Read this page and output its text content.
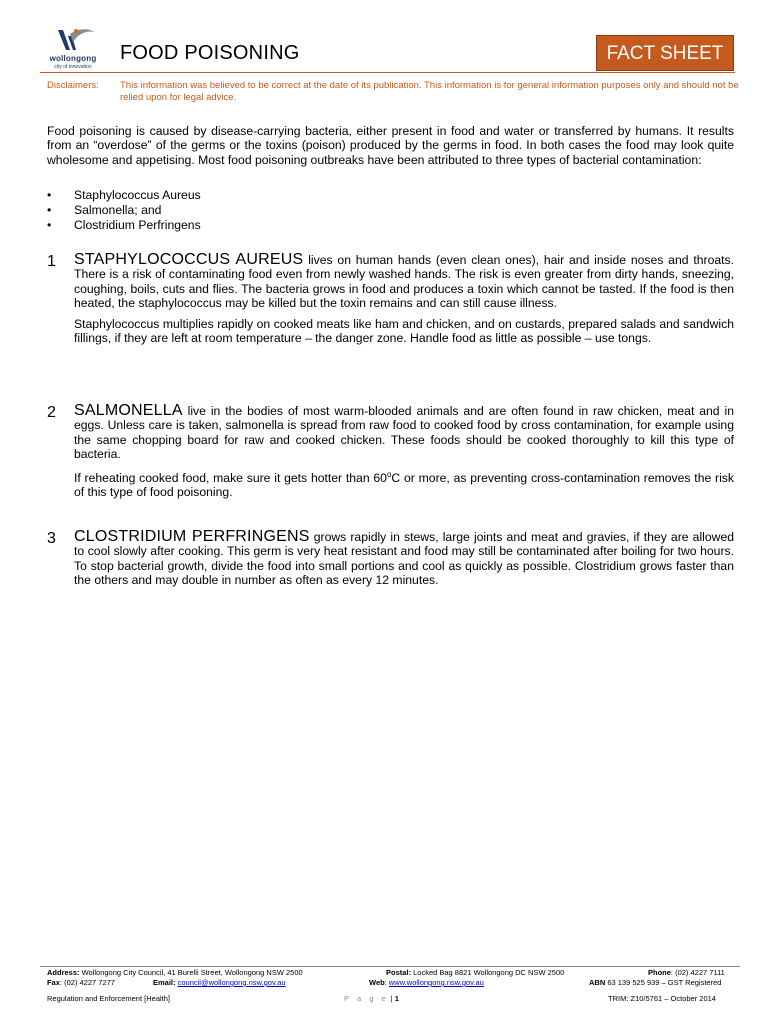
wollongong
city of innovation
FOOD POISONING	FACT SHEET
Disclaimers: This information was believed to be correct at the date of its publication. This information is for general information purposes only and should not be relied upon for legal advice.
Food poisoning is caused by disease-carrying bacteria, either present in food and water or transferred by humans. It results from an “overdose” of the germs or the toxins (poison) produced by the germs in food. In both cases the food may look quite wholesome and appetising. Most food poisoning outbreaks have been attributed to three types of bacterial contamination:
• Staphylococcus Aureus
• Salmonella; and
• Clostridium Perfringens
1 STAPHYLOCOCCUS AUREUS lives on human hands (even clean ones), hair and inside noses and throats. There is a risk of contaminating food even from newly washed hands. The risk is even greater from dirty hands, sneezing, coughing, boils, cuts and flies. The bacteria grows in food and produces a toxin which cannot be tasted. If the food is then heated, the staphylococcus may be killed but the toxin remains and can still cause illness.

Staphylococcus multiplies rapidly on cooked meats like ham and chicken, and on custards, prepared salads and sandwich fillings, if they are left at room temperature – the danger zone. Handle food as little as possible – use tongs.

2 SALMONELLA live in the bodies of most warm-blooded animals and are often found in raw chicken, meat and in eggs. Unless care is taken, salmonella is spread from raw food to cooked food by cross contamination, for example using the same chopping board for raw and cooked chicken. These foods should be cooked thoroughly to kill this type of bacteria.

If reheating cooked food, make sure it gets hotter than 60$^o$C or more, as preventing cross-contamination removes the risk of this type of food poisoning.

3 CLOSTRIDIUM PERFRINGENS grows rapidly in stews, large joints and meat and gravies, if they are allowed to cool slowly after cooking. This germ is very heat resistant and food may still be contaminated after boiling for two hours. To stop bacterial growth, divide the food into small portions and cool as quickly as possible. Clostridium grows faster than the others and may double in number as often as every 12 minutes.

Address: Wollongong City Council, 41 Burelli Street, Wollongong NSW 2500	Postal: Locked Bag 8821 Wollongong DC NSW 2500	Phone: (02) 4227 7111
Fax: (02) 4227 7277	Email: council@wollongong.nsw.gov.au	Web: www.wollongong.nsw.gov.au	ABN 63 139 525 939 – GST Registered
Regulation and Enforcement [Health]	P a g e | 1	TRIM: Z10/5761 – October 2014
